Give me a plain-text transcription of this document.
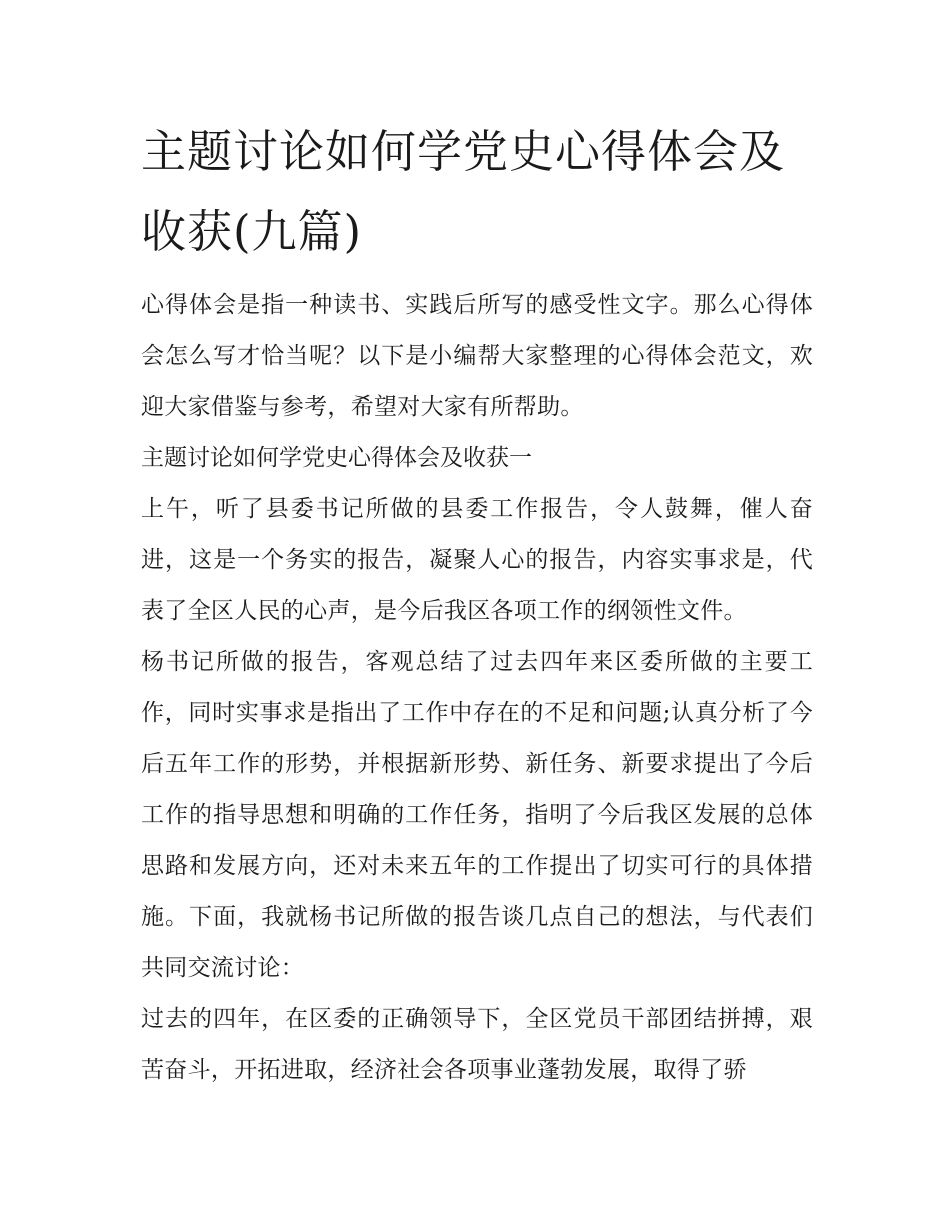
主题讨论如何学党史心得体会及收获(九篇)

心得体会是指一种读书、实践后所写的感受性文字。那么心得体会怎么写才恰当呢？以下是小编帮大家整理的心得体会范文，欢迎大家借鉴与参考，希望对大家有所帮助。

主题讨论如何学党史心得体会及收获一

上午，听了县委书记所做的县委工作报告，令人鼓舞，催人奋进，这是一个务实的报告，凝聚人心的报告，内容实事求是，代表了全区人民的心声，是今后我区各项工作的纲领性文件。

杨书记所做的报告，客观总结了过去四年来区委所做的主要工作，同时实事求是指出了工作中存在的不足和问题;认真分析了今后五年工作的形势，并根据新形势、新任务、新要求提出了今后工作的指导思想和明确的工作任务，指明了今后我区发展的总体思路和发展方向，还对未来五年的工作提出了切实可行的具体措施。下面，我就杨书记所做的报告谈几点自己的想法，与代表们共同交流讨论：

过去的四年，在区委的正确领导下，全区党员干部团结拼搏，艰苦奋斗，开拓进取，经济社会各项事业蓬勃发展，取得了骄
